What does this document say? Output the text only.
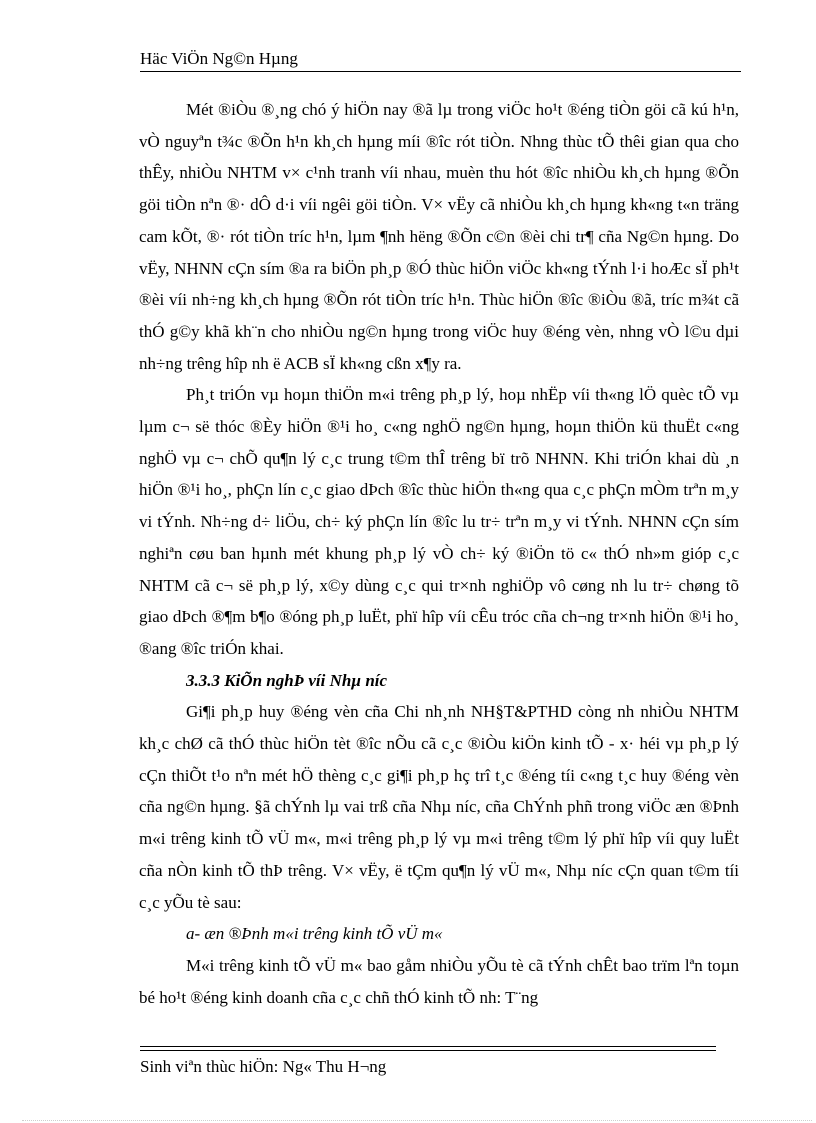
Häc ViÖn Ng©n Hµng

Mét ®iÒu ®¸ng chó ý hiÖn nay ®ã lµ trong viÖc ho¹t ®éng tiÒn göi cã kú h¹n, vÒ nguyªn t¾c ®Õn h¹n kh¸ch hµng míi ®îc rót tiÒn. Nhng thùc tÕ thêi gian qua cho thÊy, nhiÒu NHTM v× c¹nh tranh víi nhau, muèn thu hót ®îc nhiÒu kh¸ch hµng ®Õn göi tiÒn nªn ®· dÔ d·i víi ngêi göi tiÒn. V× vËy cã nhiÒu kh¸ch hµng kh«ng t«n träng cam kÕt, ®· rót tiÒn tríc h¹n, lµm ¶nh hëng ®Õn c©n ®èi chi tr¶ cña Ng©n hµng. Do vËy, NHNN cÇn sím ®a ra biÖn ph¸p ®Ó thùc hiÖn viÖc kh«ng tÝnh l·i hoÆc sÏ ph¹t ®èi víi nh÷ng kh¸ch hµng ®Õn rót tiÒn tríc h¹n. Thùc hiÖn ®îc ®iÒu ®ã, tríc m¾t cã thÓ g©y khã kh¨n cho nhiÒu ng©n hµng trong viÖc huy ®éng vèn, nhng vÒ l©u dµi nh÷ng trêng hîp nh ë ACB sÏ kh«ng cßn x¶y ra.

Ph¸t triÓn vµ hoµn thiÖn m«i trêng ph¸p lý, hoµ nhËp víi th«ng lÖ quèc tÕ vµ lµm c¬ së thóc ®Èy hiÖn ®¹i ho¸ c«ng nghÖ ng©n hµng, hoµn thiÖn kü thuËt c«ng nghÖ vµ c¬ chÕ qu¶n lý c¸c trung t©m thÎ trêng bï trõ NHNN. Khi triÓn khai dù ¸n hiÖn ®¹i ho¸, phÇn lín c¸c giao dÞch ®îc thùc hiÖn th«ng qua c¸c phÇn mÒm trªn m¸y vi tÝnh. Nh÷ng d÷ liÖu, ch÷ ký phÇn lín ®îc lu tr÷ trªn m¸y vi tÝnh. NHNN cÇn sím nghiªn cøu ban hµnh mét khung ph¸p lý vÒ ch÷ ký ®iÖn tö c« thÓ nh»m gióp c¸c NHTM cã c¬ së ph¸p lý, x©y dùng c¸c qui tr×nh nghiÖp vô cøng nh lu tr÷ chøng tõ giao dÞch ®¶m b¶o ®óng ph¸p luËt, phï hîp víi cÊu tróc cña ch¬ng tr×nh hiÖn ®¹i ho¸ ®ang ®îc triÓn khai.

3.3.3 KiÕn nghÞ víi Nhµ níc

Gi¶i ph¸p huy ®éng vèn cña Chi nh¸nh NH§T&PTHD còng nh nhiÒu NHTM kh¸c chØ cã thÓ thùc hiÖn tèt ®îc nÕu cã c¸c ®iÒu kiÖn kinh tÕ - x· héi vµ ph¸p lý cÇn thiÕt t¹o nªn mét hÖ thèng c¸c gi¶i ph¸p hç trî t¸c ®éng tíi c«ng t¸c huy ®éng vèn cña ng©n hµng. §ã chÝnh lµ vai trß cña Nhµ níc, cña ChÝnh phñ trong viÖc æn ®Þnh m«i trêng kinh tÕ vÜ m«, m«i trêng ph¸p lý vµ m«i trêng t©m lý phï hîp víi quy luËt cña nÒn kinh tÕ thÞ trêng. V× vËy, ë tÇm qu¶n lý vÜ m«, Nhµ níc cÇn quan t©m tíi c¸c yÕu tè sau:

a- æn ®Þnh m«i trêng kinh tÕ vÜ m«

M«i trêng kinh tÕ vÜ m« bao gåm nhiÒu yÕu tè cã tÝnh chÊt bao trïm lªn toµn bé ho¹t ®éng kinh doanh cña c¸c chñ thÓ kinh tÕ nh: T¨ng

Sinh viªn thùc hiÖn: Ng« Thu H¬ng
